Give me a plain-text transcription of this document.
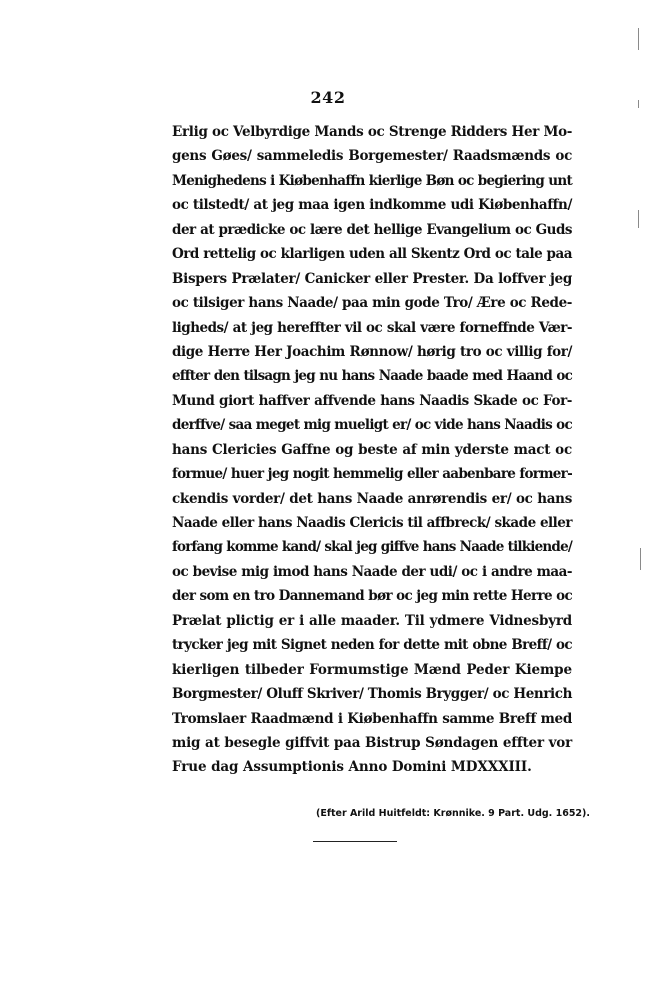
242
Erlig oc Velbyrdige Mands oc Strenge Ridders Her Mo-
gens Gøes/ sammeledis Borgemester/ Raadsmænds oc
Menighedens i Kiøbenhaffn kierlige Bøn oc begiering unt
oc tilstedt/ at jeg maa igen indkomme udi Kiøbenhaffn/
der at prædicke oc lære det hellige Evangelium oc Guds
Ord rettelig oc klarligen uden all Skentz Ord oc tale paa
Bispers Prælater/ Canicker eller Prester. Da loffver jeg
oc tilsiger hans Naade/ paa min gode Tro/ Ære oc Rede-
ligheds/ at jeg hereffter vil oc skal være forneffnde Vær-
dige Herre Her Joachim Rønnow/ hørig tro oc villig for/
effter den tilsagn jeg nu hans Naade baade med Haand oc
Mund giort haffver affvende hans Naadis Skade oc For-
derffve/ saa meget mig mueligt er/ oc vide hans Naadis oc
hans Clericies Gaffne og beste af min yderste mact oc
formue/ huer jeg nogit hemmelig eller aabenbare former-
ckendis vorder/ det hans Naade anrørendis er/ oc hans
Naade eller hans Naadis Clericis til affbreck/ skade eller
forfang komme kand/ skal jeg giffve hans Naade tilkiende/
oc bevise mig imod hans Naade der udi/ oc i andre maa-
der som en tro Dannemand bør oc jeg min rette Herre oc
Prælat plictig er i alle maader. Til ydmere Vidnesbyrd
trycker jeg mit Signet neden for dette mit obne Breff/ oc
kierligen tilbeder Formumstige Mænd Peder Kiempe
Borgmester/ Oluff Skriver/ Thomis Brygger/ oc Henrich
Tromslaer Raadmænd i Kiøbenhaffn samme Breff med
mig at besegle giffvit paa Bistrup Søndagen effter vor
Frue dag Assumptionis Anno Domini MDXXXIII.
(Efter Arild Huitfeldt: Krønnike. 9 Part. Udg. 1652).
